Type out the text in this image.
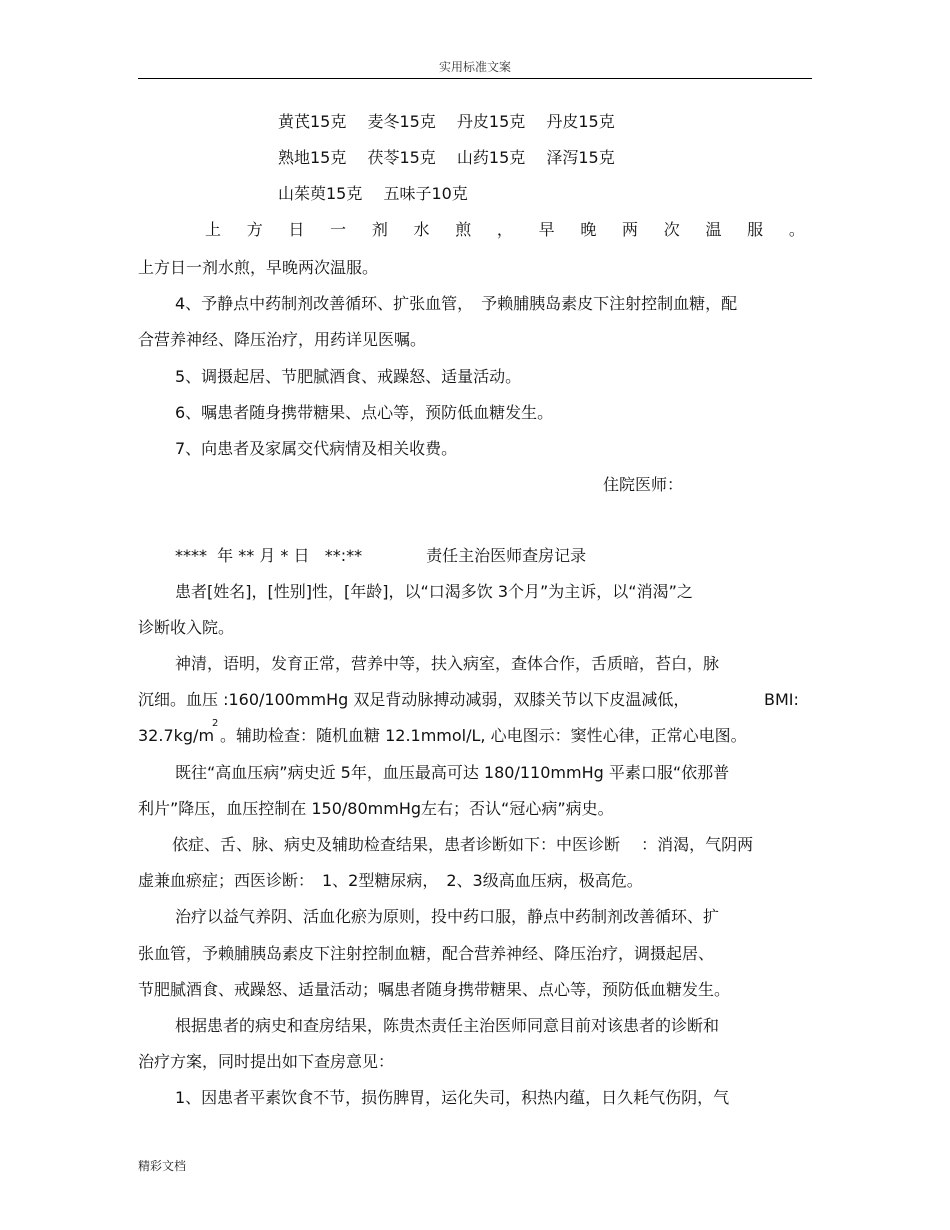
实用标准文案
黄芪15克　 麦冬15克　 丹皮15克　 丹皮15克
熟地15克　 茯苓15克　 山药15克　 泽泻15克
山茱萸15克　 五味子10克
上 方 日 一 剂 水 煎 ， 早 晚 两 次 温 服 。
上方日一剂水煎，早晚两次温服。
4、予静点中药制剂改善循环、扩张血管，　予赖脯胰岛素皮下注射控制血糖，配
合营养神经、降压治疗，用药详见医嘱。
5、调摄起居、节肥腻酒食、戒躁怒、适量活动。
6、嘱患者随身携带糖果、点心等，预防低血糖发生。
7、向患者及家属交代病情及相关收费。
住院医师：
****  年 ** 月 * 日   **:**　　　　责任主治医师查房记录
患者[姓名]，[性别]性，[年龄]，以“口渴多饮 3个月”为主诉，以“消渴”之
诊断收入院。
神清，语明，发育正常，营养中等，扶入病室，查体合作，舌质暗，苔白，脉
沉细。血压 :160/100mmHg 双足背动脉搏动减弱，双膝关节以下皮温减低，	BMI:
32.7kg/m
2
。辅助检查：随机血糖 12.1mmol/L, 心电图示：窦性心律，正常心电图。
既往“高血压病”病史近 5年，血压最高可达 180/110mmHg 平素口服“依那普
利片”降压，血压控制在 150/80mmHg左右；否认“冠心病”病史。
依症、舌、脉、病史及辅助检查结果，患者诊断如下：中医诊断　 ：消渴，气阴两
虚兼血瘀症；西医诊断：　1、2型糖尿病，　2、3级高血压病，极高危。
治疗以益气养阴、活血化瘀为原则，投中药口服，静点中药制剂改善循环、扩
张血管，予赖脯胰岛素皮下注射控制血糖，配合营养神经、降压治疗，调摄起居、
节肥腻酒食、戒躁怒、适量活动；嘱患者随身携带糖果、点心等，预防低血糖发生。
根据患者的病史和查房结果，陈贵杰责任主治医师同意目前对该患者的诊断和
治疗方案，同时提出如下查房意见：
1、因患者平素饮食不节，损伤脾胃，运化失司，积热内蕴，日久耗气伤阴，气
精彩文档
